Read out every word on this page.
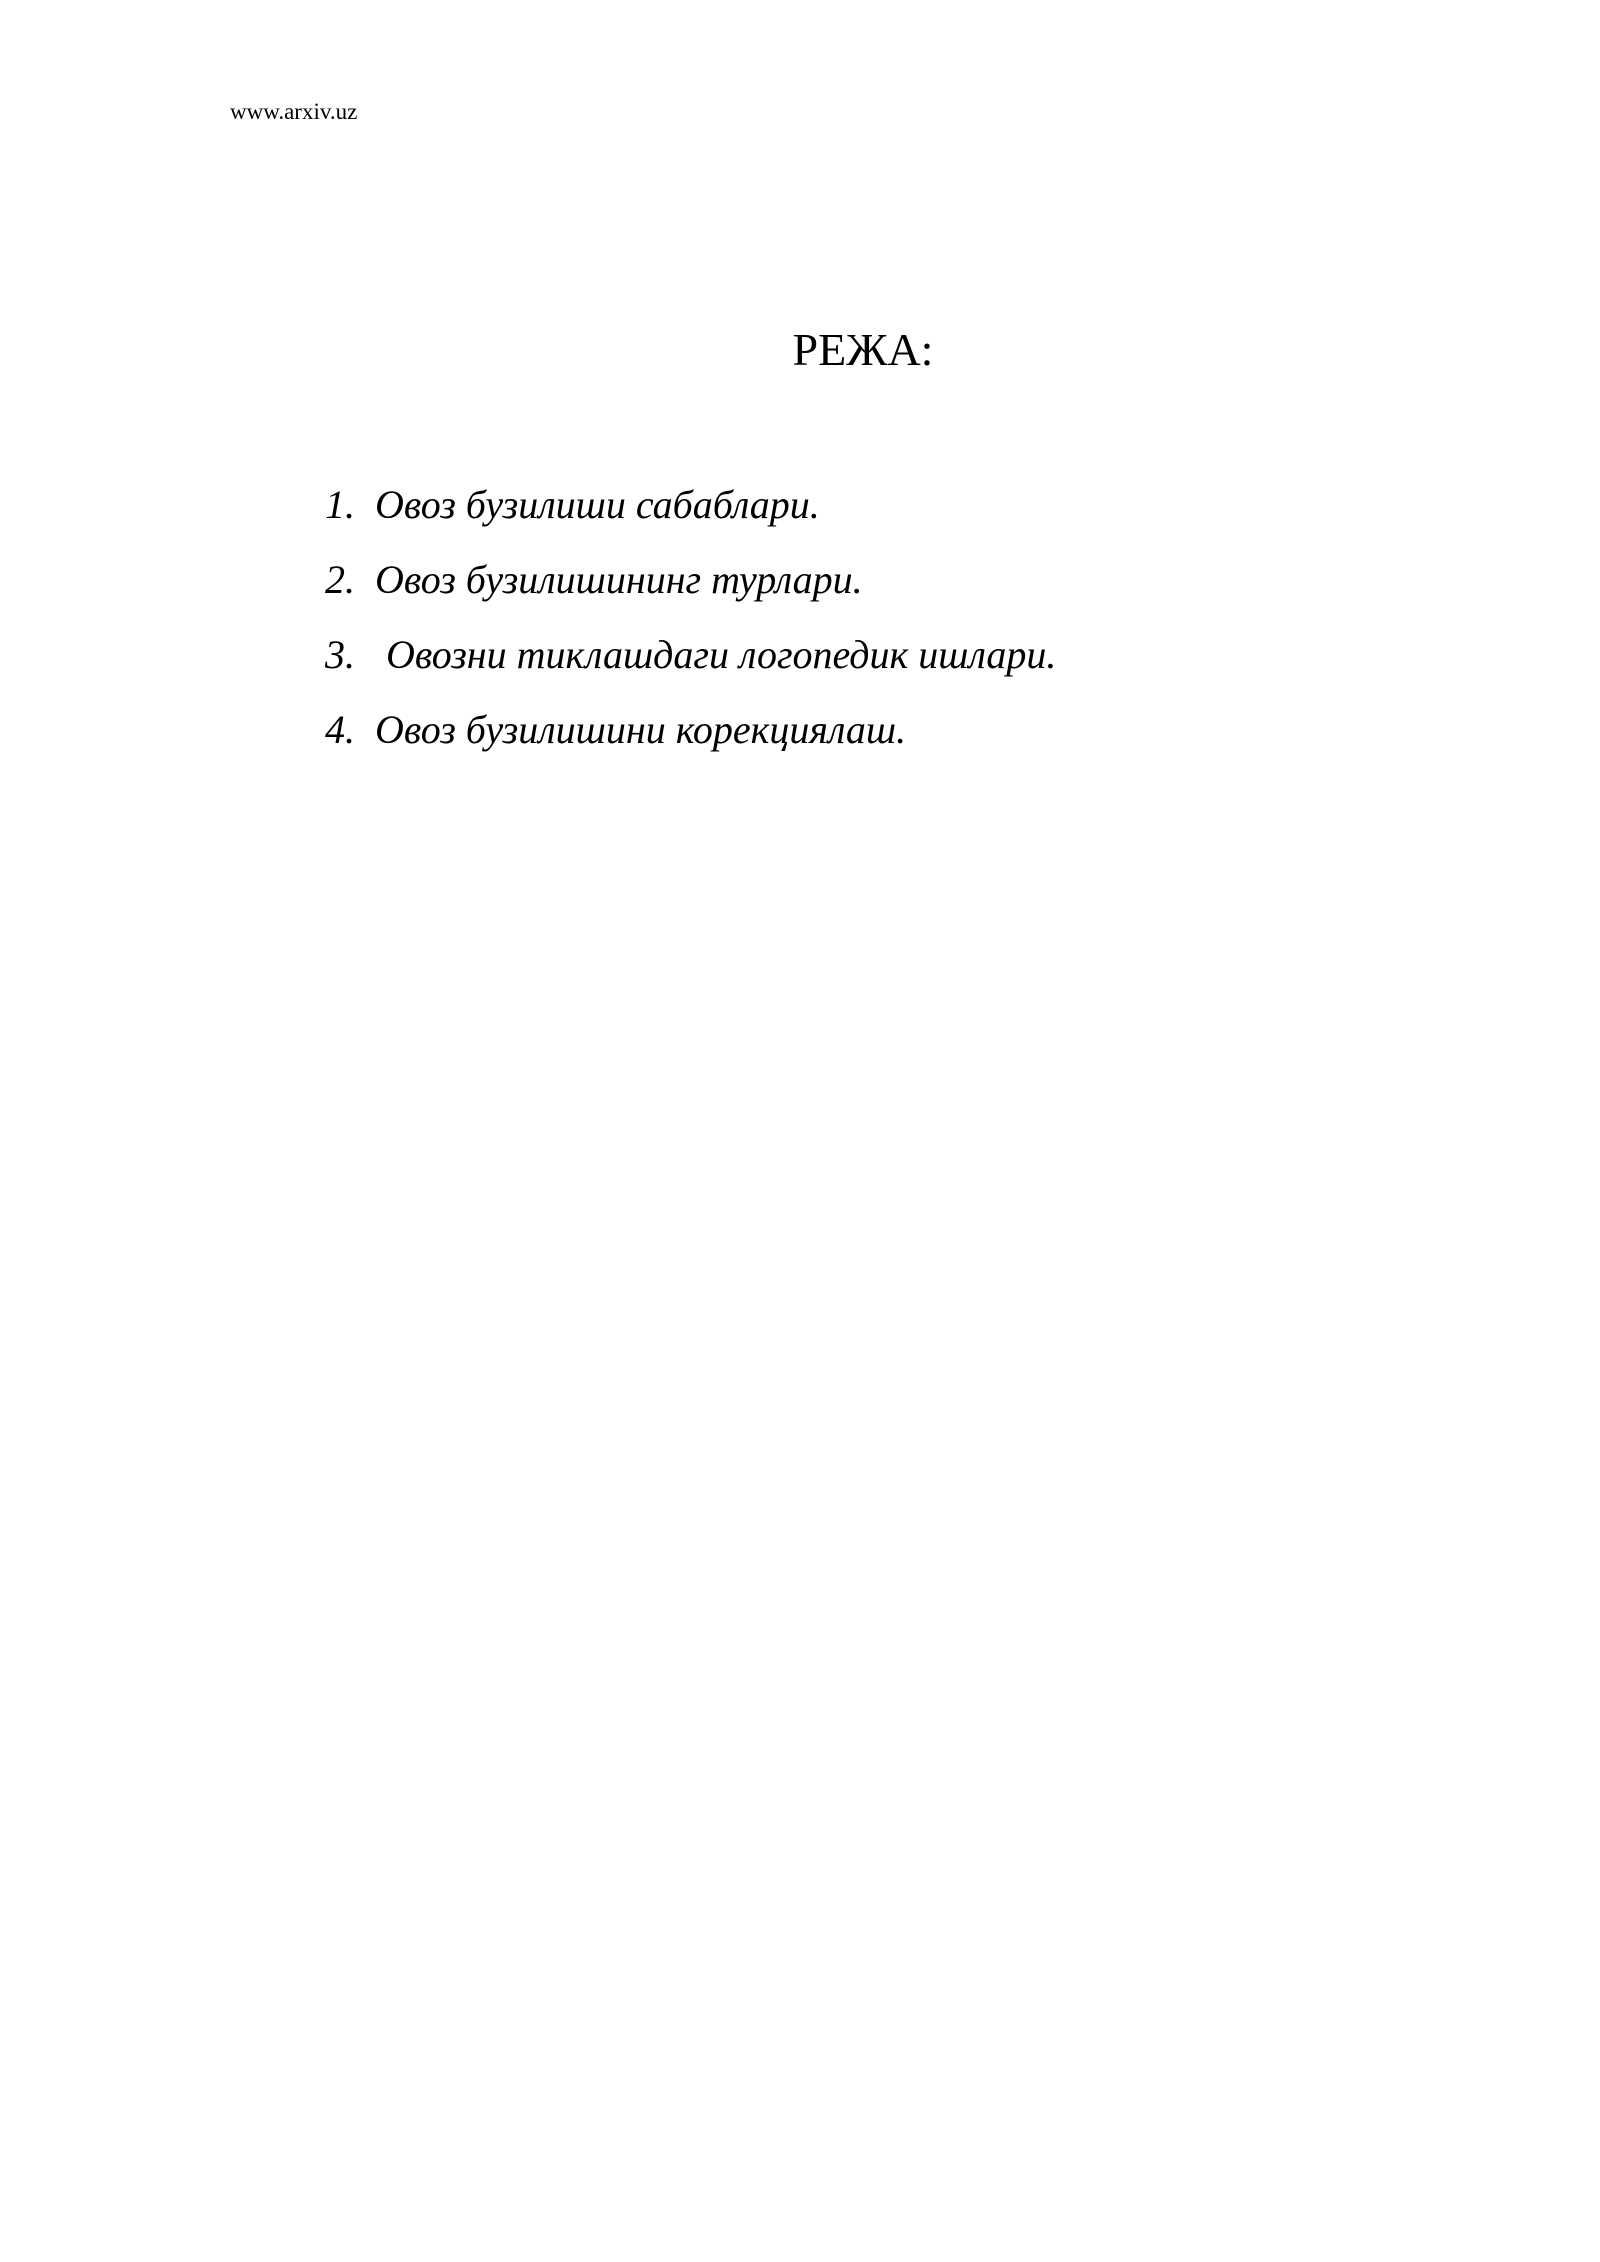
www.arxiv.uz
РЕЖА:
1. Овоз бузилиши сабаблари.
2. Овоз бузилишининг турлари.
3. Овозни тиклашдаги логопедик ишлари.
4. Овоз бузилишини корекциялаш.
